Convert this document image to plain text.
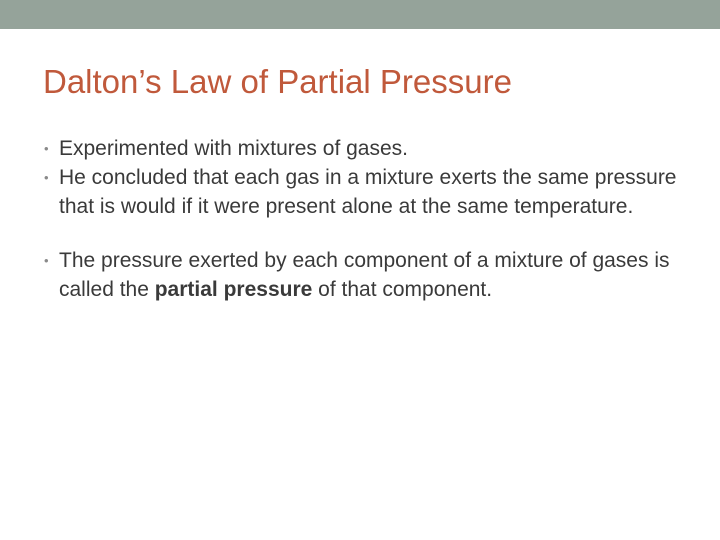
Dalton’s Law of Partial Pressure
• Experimented with mixtures of gases.
• He concluded that each gas in a mixture exerts the same pressure that is would if it were present alone at the same temperature.
• The pressure exerted by each component of a mixture of gases is called the partial pressure of that component.
